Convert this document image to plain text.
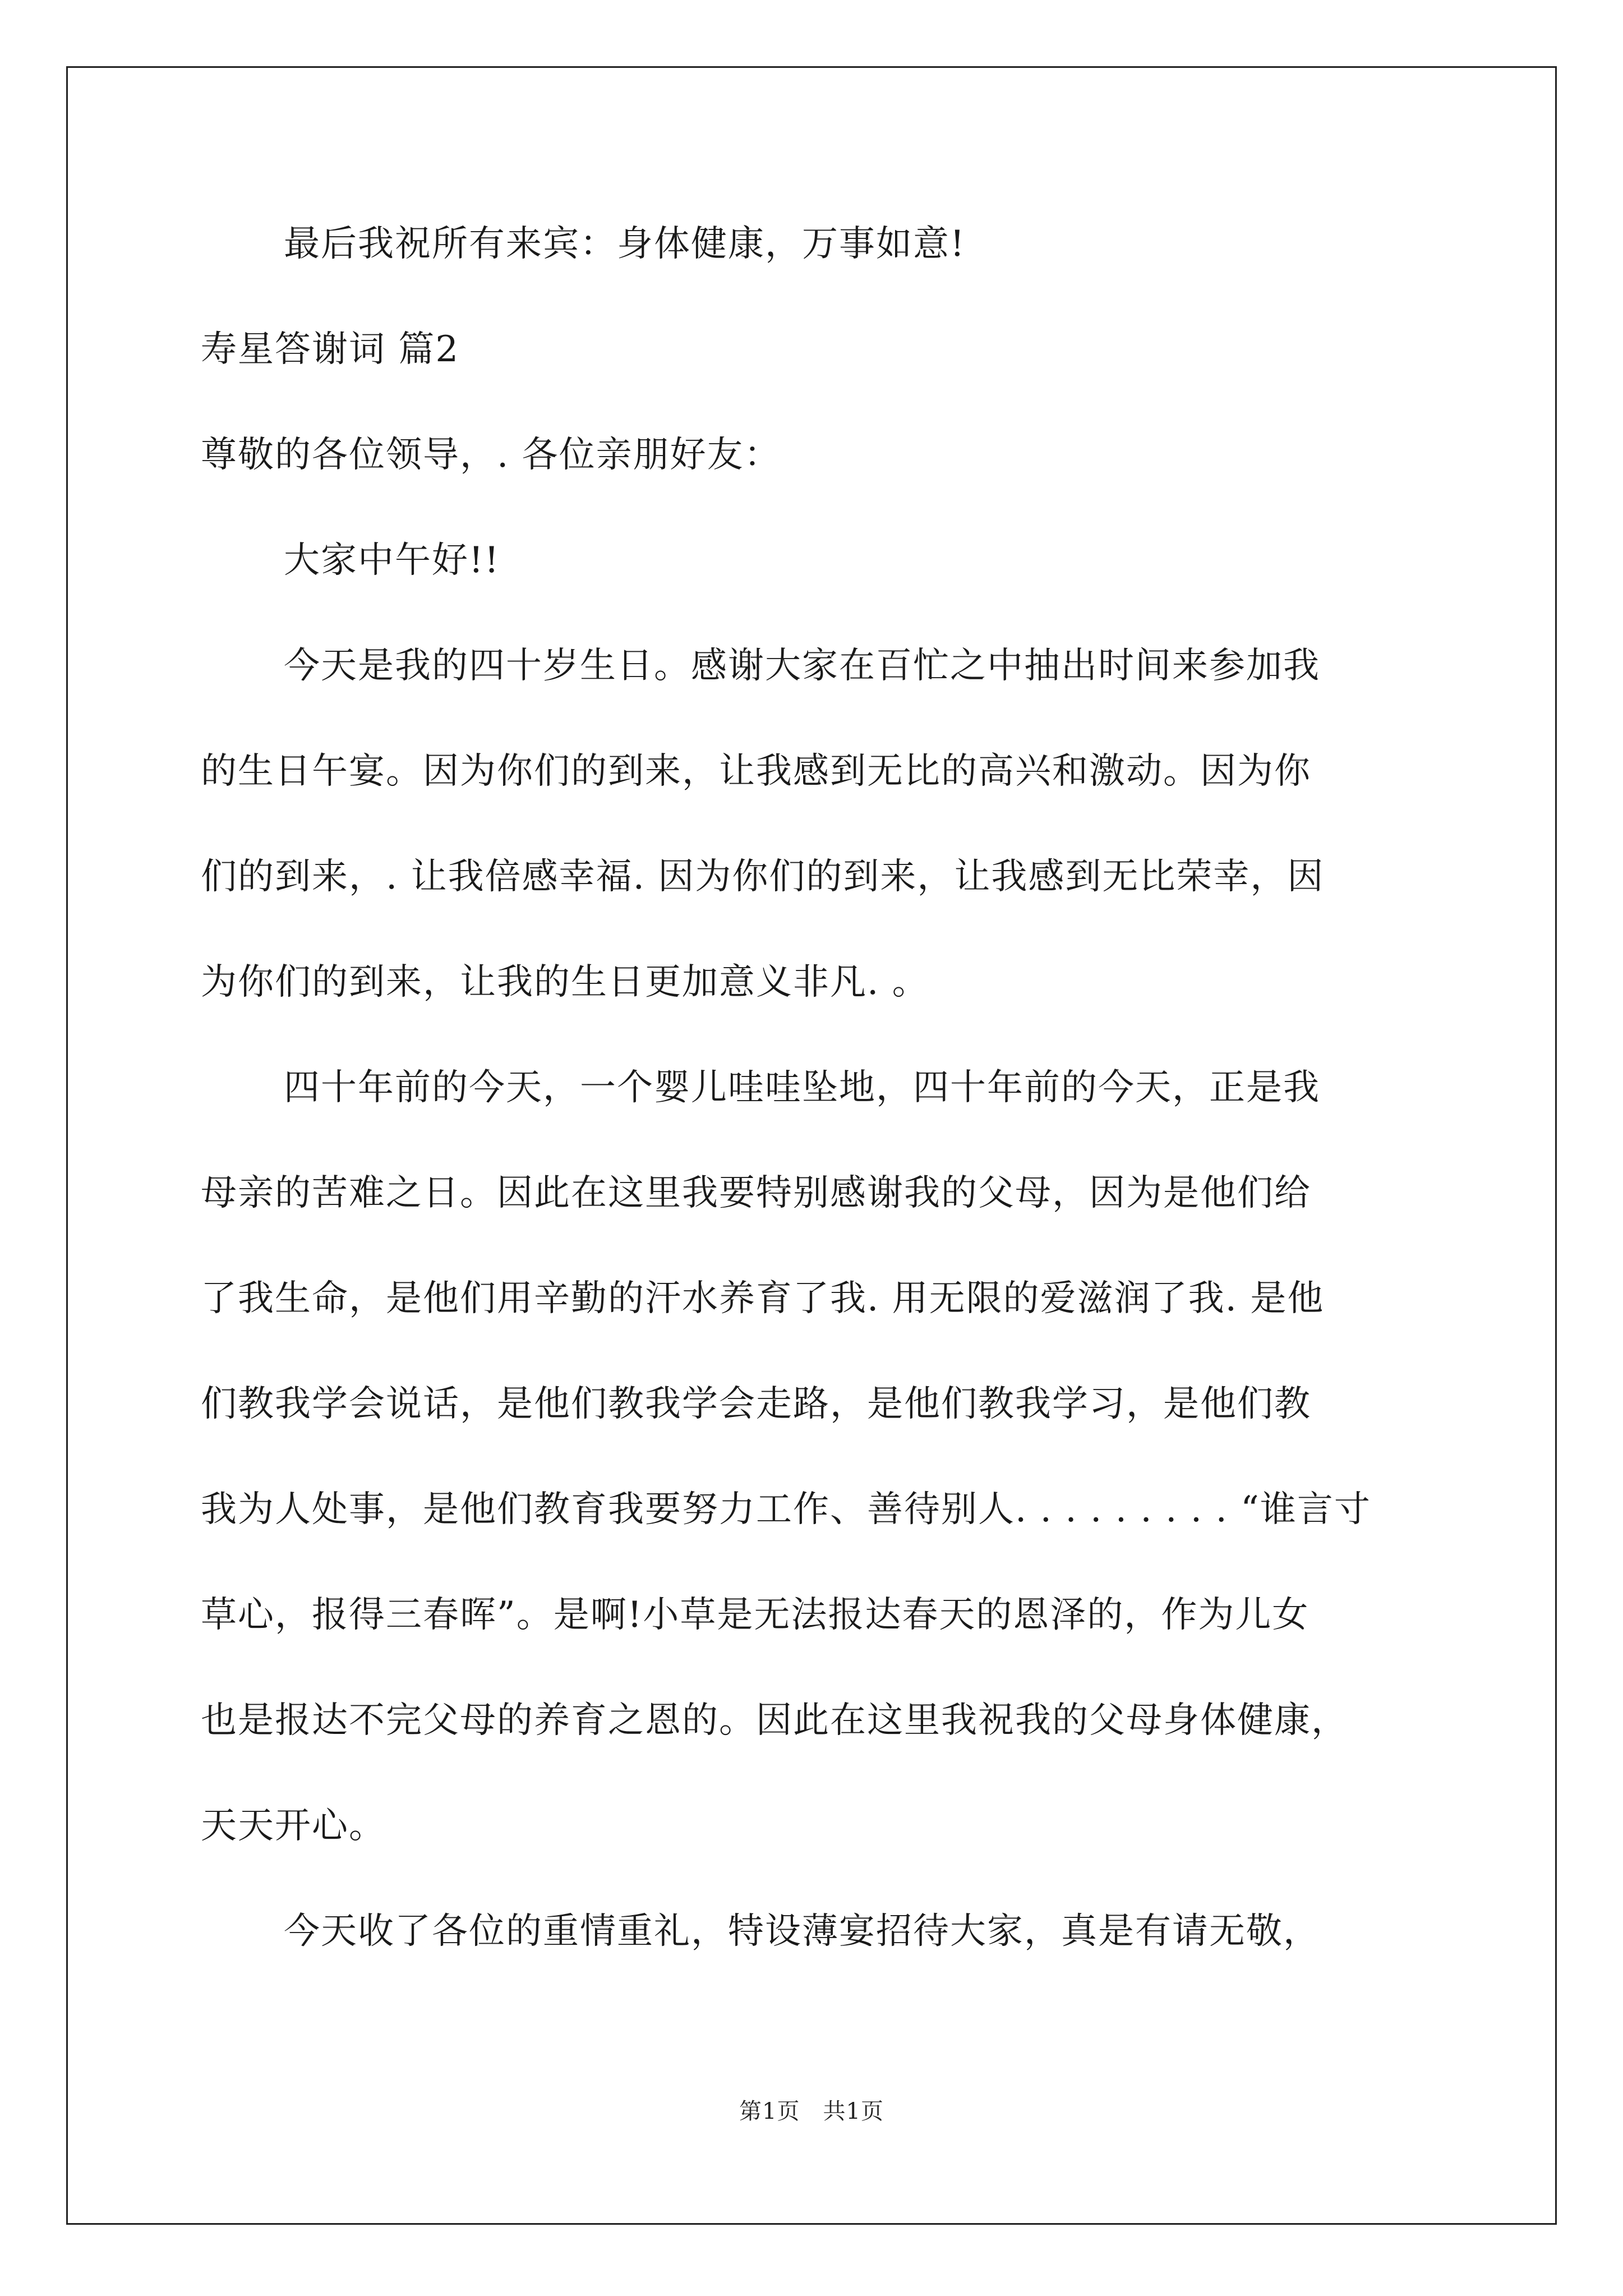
最后我祝所有来宾：身体健康，万事如意!

寿星答谢词 篇2

尊敬的各位领导，. 各位亲朋好友：

大家中午好!!

今天是我的四十岁生日。感谢大家在百忙之中抽出时间来参加我

的生日午宴。因为你们的到来，让我感到无比的高兴和激动。因为你

们的到来，. 让我倍感幸福. 因为你们的到来，让我感到无比荣幸，因

为你们的到来，让我的生日更加意义非凡. 。

四十年前的今天，一个婴儿哇哇坠地，四十年前的今天，正是我

母亲的苦难之日。因此在这里我要特别感谢我的父母，因为是他们给

了我生命，是他们用辛勤的汗水养育了我. 用无限的爱滋润了我. 是他

们教我学会说话，是他们教我学会走路，是他们教我学习，是他们教

我为人处事，是他们教育我要努力工作、善待别人. . . . . . . . . “谁言寸

草心，报得三春晖”。是啊!小草是无法报达春天的恩泽的，作为儿女

也是报达不完父母的养育之恩的。因此在这里我祝我的父母身体健康，

天天开心。

今天收了各位的重情重礼，特设薄宴招待大家，真是有请无敬，

第1页　共1页
